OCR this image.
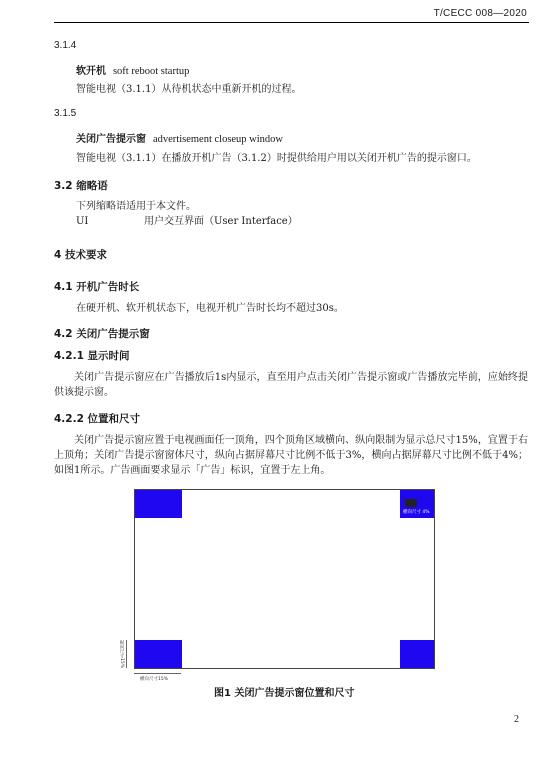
T/CECC 008—2020
3.1.4
软开机 soft reboot startup
智能电视（3.1.1）从待机状态中重新开机的过程。
3.1.5
关闭广告提示窗 advertisement closeup window
智能电视（3.1.1）在播放开机广告（3.1.2）时提供给用户用以关闭开机广告的提示窗口。
3.2 缩略语
下列缩略语适用于本文件。
UI	用户交互界面（User Interface）
4 技术要求
4.1 开机广告时长
在硬开机、软开机状态下，电视开机广告时长均不超过30s。
4.2 关闭广告提示窗
4.2.1 显示时间
关闭广告提示窗应在广告播放后1s内显示，直至用户点击关闭广告提示窗或广告播放完毕前，应始终提供该提示窗。
4.2.2 位置和尺寸
关闭广告提示窗应置于电视画面任一顶角，四个顶角区域横向、纵向限制为显示总尺寸15%，宜置于右上顶角；关闭广告提示窗窗体尺寸，纵向占据屏幕尺寸比例不低于3%，横向占据屏幕尺寸比例不低于4%；如图1所示。广告画面要求显示「广告」标识，宜置于左上角。
横向尺寸 4%
纵向尺寸15%
横向尺寸15%
图1 关闭广告提示窗位置和尺寸
2
